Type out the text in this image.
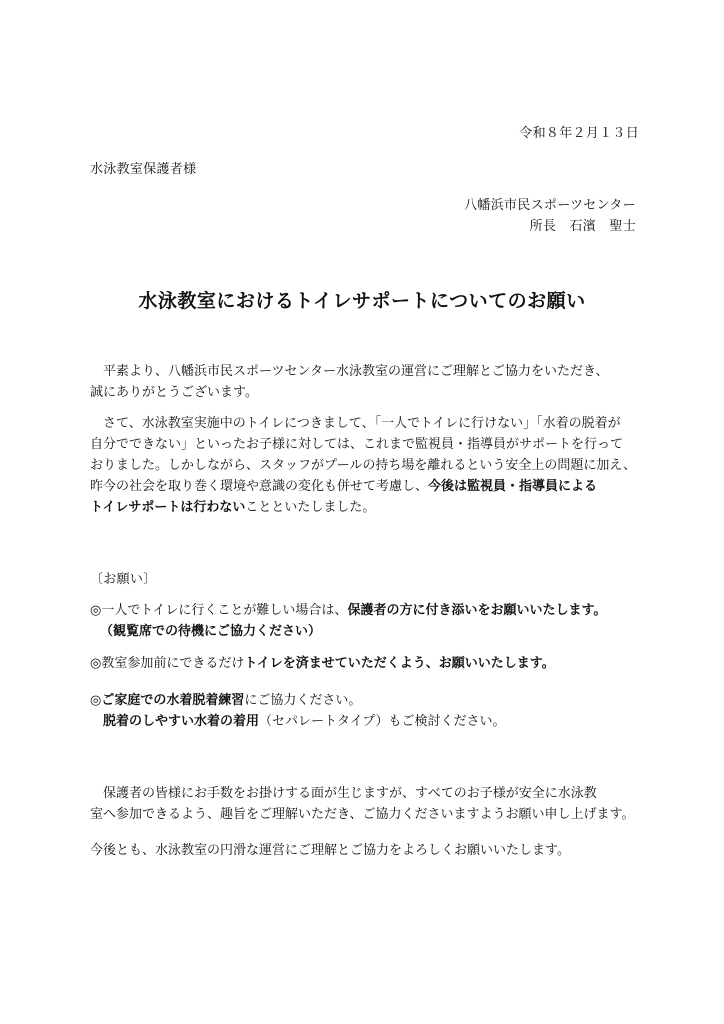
令和８年２月１３日
水泳教室保護者様
八幡浜市民スポーツセンター
所長　石濱　聖士
水泳教室におけるトイレサポートについてのお願い
　平素より、八幡浜市民スポーツセンター水泳教室の運営にご理解とご協力をいただき、
誠にありがとうございます。
　さて、水泳教室実施中のトイレにつきまして、「一人でトイレに行けない」「水着の脱着が
自分でできない」といったお子様に対しては、これまで監視員・指導員がサポートを行って
おりました。しかしながら、スタッフがプールの持ち場を離れるという安全上の問題に加え、
昨今の社会を取り巻く環境や意識の変化も併せて考慮し、今後は監視員・指導員による
トイレサポートは行わないことといたしました。
〔お願い〕
◎一人でトイレに行くことが難しい場合は、保護者の方に付き添いをお願いいたします。
（観覧席での待機にご協力ください）
◎教室参加前にできるだけトイレを済ませていただくよう、お願いいたします。
◎ご家庭での水着脱着練習にご協力ください。
脱着のしやすい水着の着用（セパレートタイプ）もご検討ください。
　保護者の皆様にお手数をお掛けする面が生じますが、すべてのお子様が安全に水泳教
室へ参加できるよう、趣旨をご理解いただき、ご協力くださいますようお願い申し上げます。
今後とも、水泳教室の円滑な運営にご理解とご協力をよろしくお願いいたします。
